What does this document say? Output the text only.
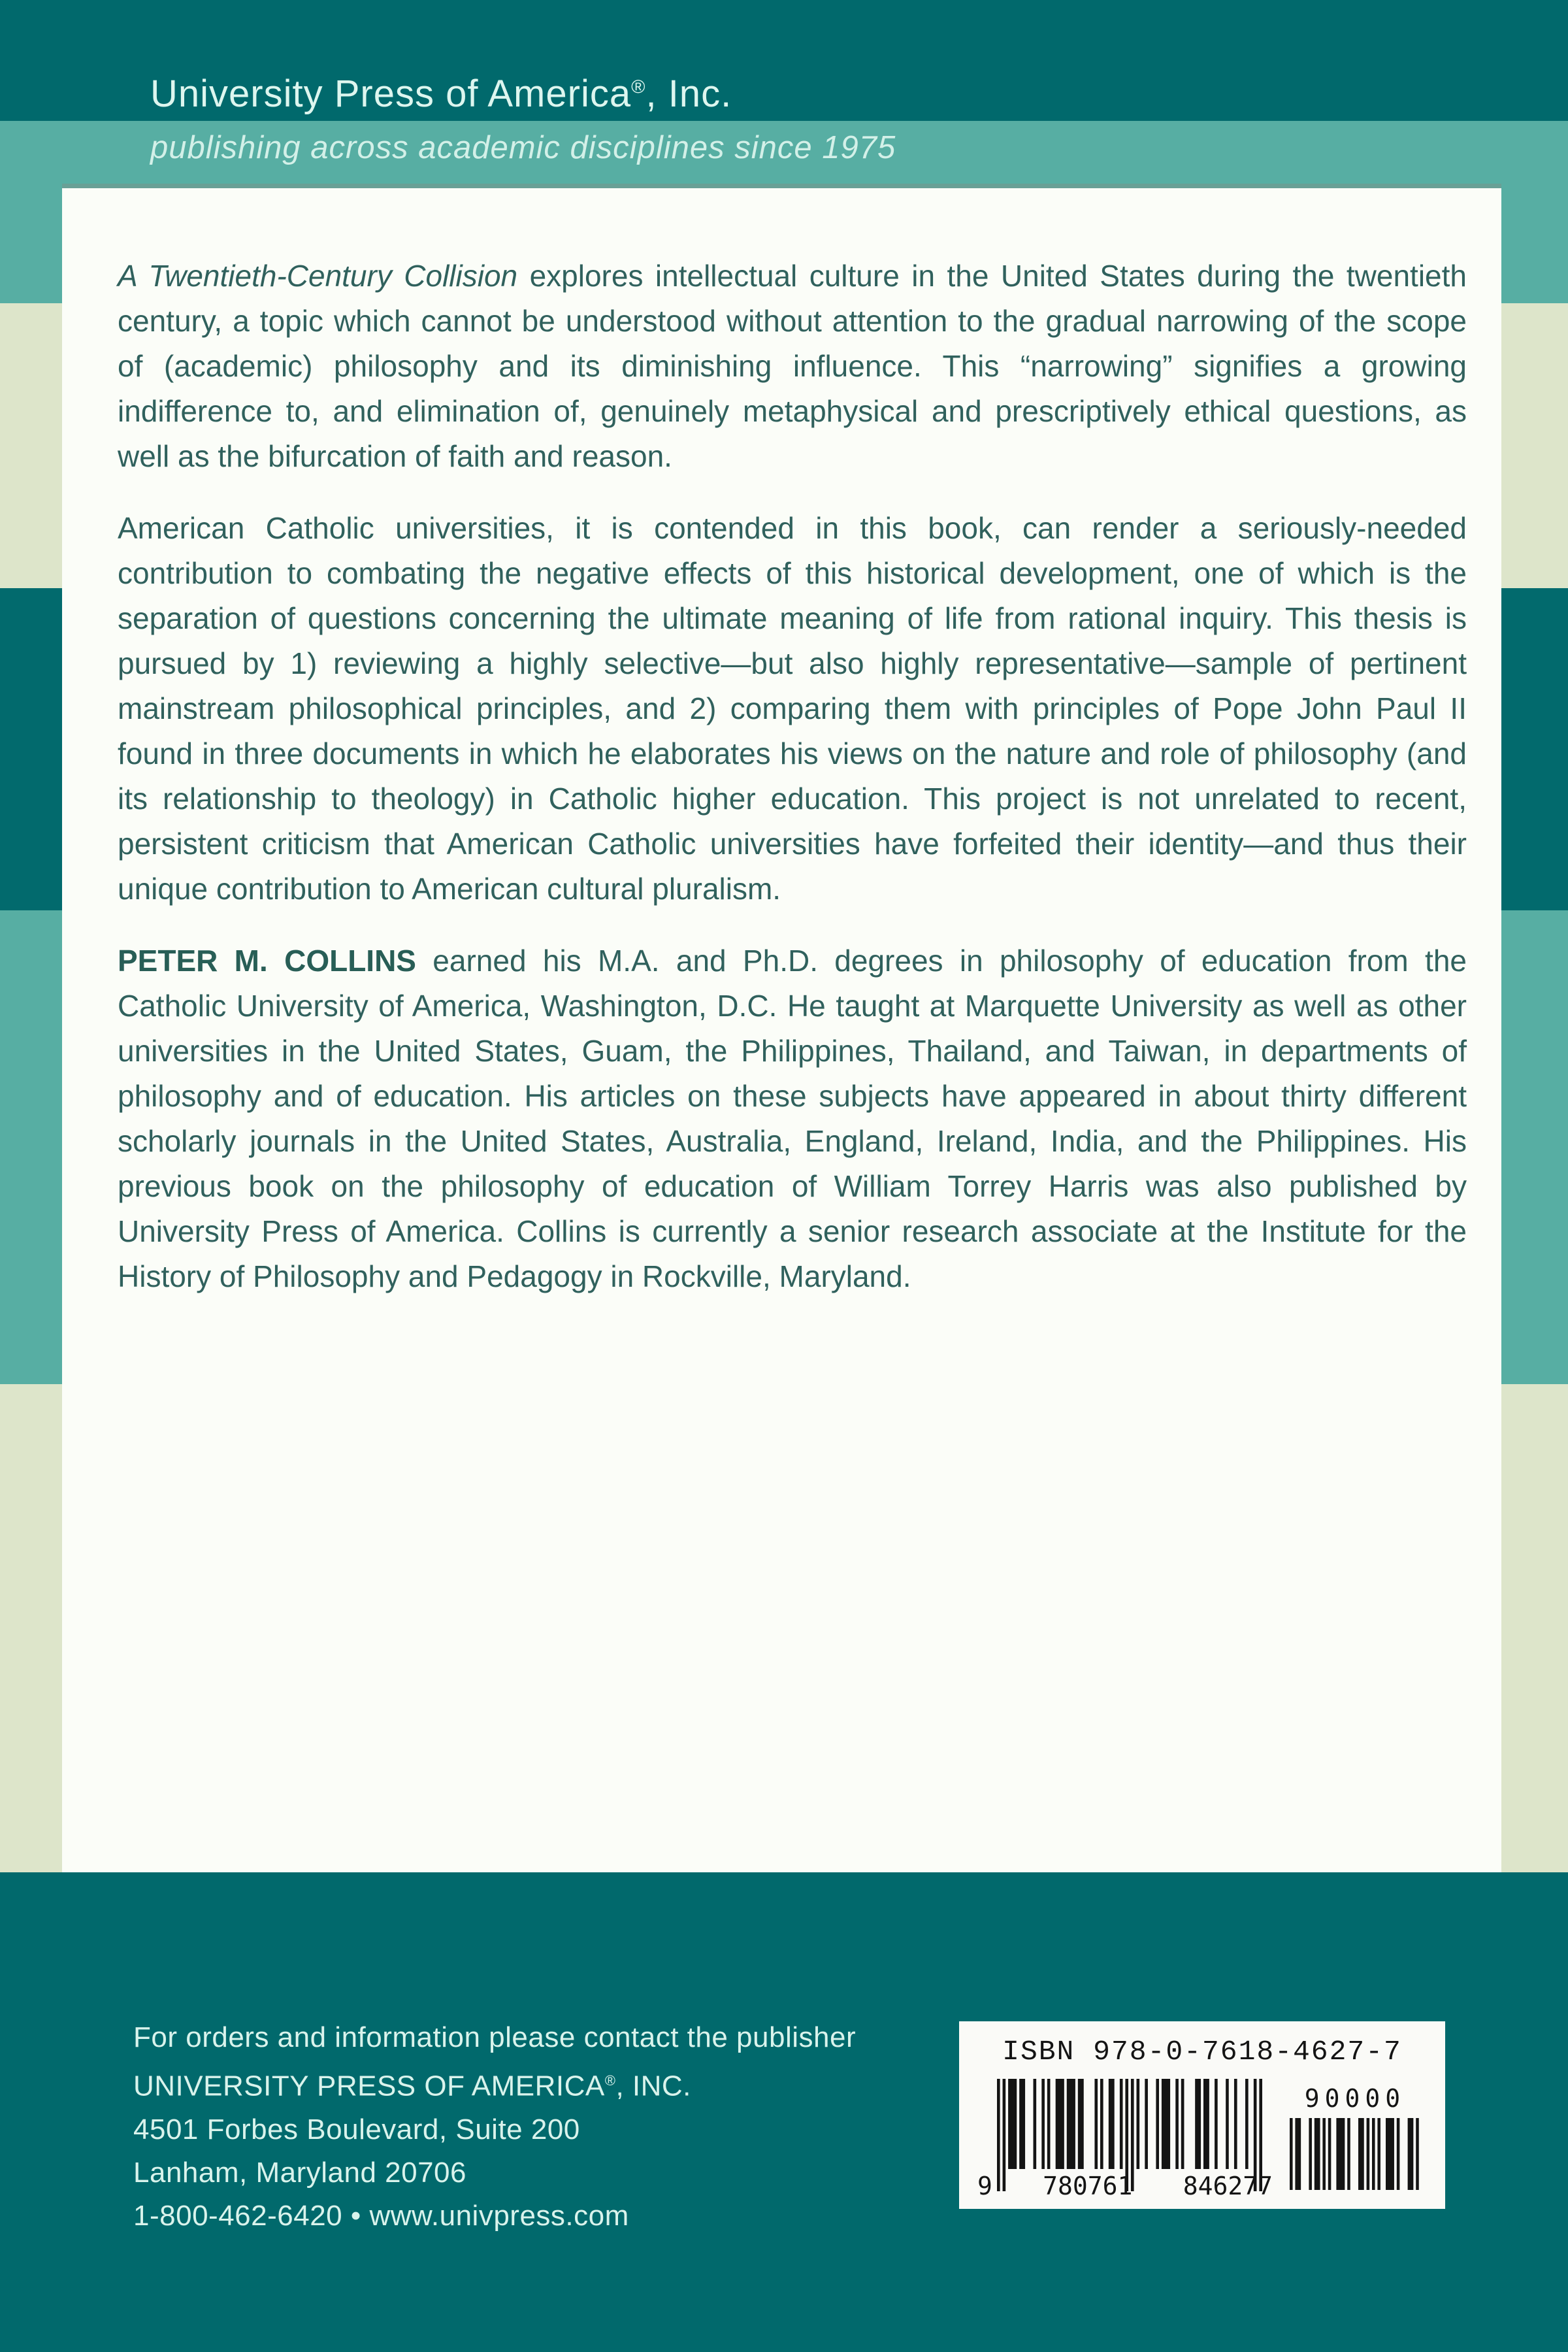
University Press of America®, Inc.
publishing across academic disciplines since 1975

A Twentieth-Century Collision explores intellectual culture in the United States during the twentieth century, a topic which cannot be understood without attention to the gradual narrowing of the scope of (academic) philosophy and its diminishing influence. This “narrowing” signifies a growing indifference to, and elimination of, genuinely metaphysical and prescriptively ethical questions, as well as the bifurcation of faith and reason.

American Catholic universities, it is contended in this book, can render a seriously-needed contribution to combating the negative effects of this historical development, one of which is the separation of questions concerning the ultimate meaning of life from rational inquiry. This thesis is pursued by 1) reviewing a highly selective—but also highly representative—sample of pertinent mainstream philosophical principles, and 2) comparing them with principles of Pope John Paul II found in three documents in which he elaborates his views on the nature and role of philosophy (and its relationship to theology) in Catholic higher education. This project is not unrelated to recent, persistent criticism that American Catholic universities have forfeited their identity—and thus their unique contribution to American cultural pluralism.

PETER M. COLLINS earned his M.A. and Ph.D. degrees in philosophy of education from the Catholic University of America, Washington, D.C. He taught at Marquette University as well as other universities in the United States, Guam, the Philippines, Thailand, and Taiwan, in departments of philosophy and of education. His articles on these subjects have appeared in about thirty different scholarly journals in the United States, Australia, England, Ireland, India, and the Philippines. His previous book on the philosophy of education of William Torrey Harris was also published by University Press of America. Collins is currently a senior research associate at the Institute for the History of Philosophy and Pedagogy in Rockville, Maryland.

For orders and information please contact the publisher
UNIVERSITY PRESS OF AMERICA®, INC.
4501 Forbes Boulevard, Suite 200
Lanham, Maryland 20706
1-800-462-6420 • www.univpress.com
ISBN 978-0-7618-4627-7
9 780761 846277
90000
